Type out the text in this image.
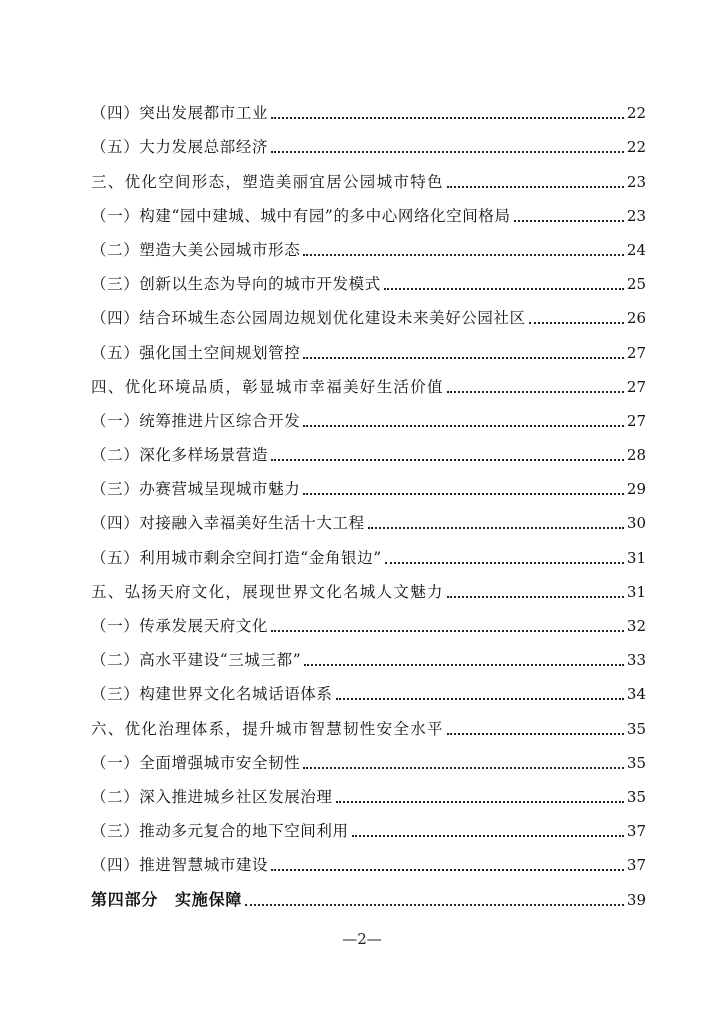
（四）突出发展都市工业	22
（五）大力发展总部经济	22
三、优化空间形态，塑造美丽宜居公园城市特色	23
（一）构建“园中建城、城中有园”的多中心网络化空间格局	23
（二）塑造大美公园城市形态	24
（三）创新以生态为导向的城市开发模式	25
（四）结合环城生态公园周边规划优化建设未来美好公园社区	26
（五）强化国土空间规划管控	27
四、优化环境品质，彰显城市幸福美好生活价值	27
（一）统筹推进片区综合开发	27
（二）深化多样场景营造	28
（三）办赛营城呈现城市魅力	29
（四）对接融入幸福美好生活十大工程	30
（五）利用城市剩余空间打造“金角银边”	31
五、弘扬天府文化，展现世界文化名城人文魅力	31
（一）传承发展天府文化	32
（二）高水平建设“三城三都”	33
（三）构建世界文化名城话语体系	34
六、优化治理体系，提升城市智慧韧性安全水平	35
（一）全面增强城市安全韧性	35
（二）深入推进城乡社区发展治理	35
（三）推动多元复合的地下空间利用	37
（四）推进智慧城市建设	37
第四部分　实施保障	39
—2—
